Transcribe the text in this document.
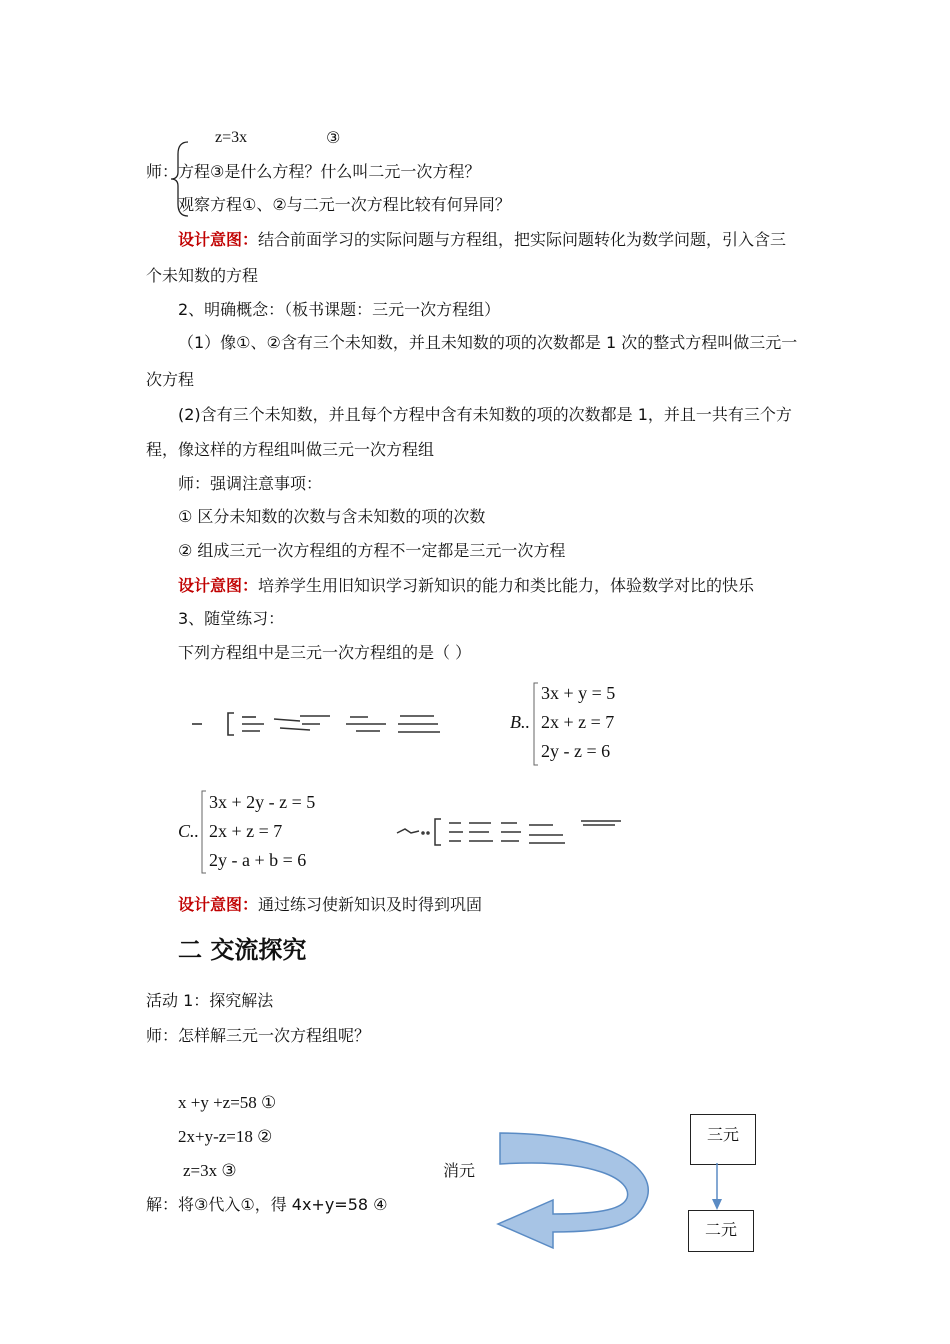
z=3x	③
师：方程③是什么方程？什么叫二元一次方程？
观察方程①、②与二元一次方程比较有何异同？
设计意图：结合前面学习的实际问题与方程组，把实际问题转化为数学问题，引入含三
个未知数的方程
2、明确概念：（板书课题：三元一次方程组）
（1）像①、②含有三个未知数，并且未知数的项的次数都是 1 次的整式方程叫做三元一
次方程
(2)含有三个未知数，并且每个方程中含有未知数的项的次数都是 1，并且一共有三个方
程，像这样的方程组叫做三元一次方程组
师：强调注意事项：
① 区分未知数的次数与含未知数的项的次数
② 组成三元一次方程组的方程不一定都是三元一次方程
设计意图：培养学生用旧知识学习新知识的能力和类比能力，体验数学对比的快乐
3、随堂练习：
下列方程组中是三元一次方程组的是（ ）
B..
3x + y = 5
2x + z = 7
2y - z = 6
C..
3x + 2y - z = 5
2x + z = 7
2y - a + b = 6
设计意图：通过练习使新知识及时得到巩固
二 交流探究
活动 1：探究解法
师：怎样解三元一次方程组呢？
x +y +z=58 ①
2x+y-z=18 ②
z=3x ③	消元
解：将③代入①，得 4x+y=58 ④
三元
二元
